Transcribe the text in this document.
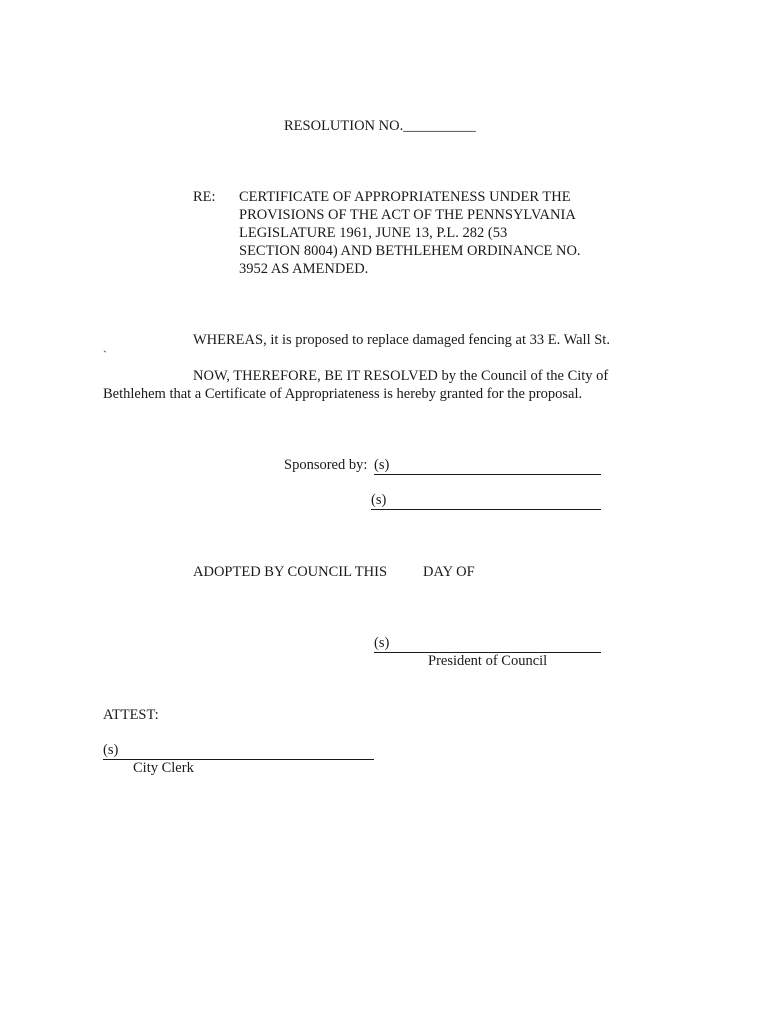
RESOLUTION NO.__________
RE: CERTIFICATE OF APPROPRIATENESS UNDER THE
PROVISIONS OF THE ACT OF THE PENNSYLVANIA
LEGISLATURE 1961, JUNE 13, P.L. 282 (53
SECTION 8004) AND BETHLEHEM ORDINANCE NO.
3952 AS AMENDED.
WHEREAS, it is proposed to replace damaged fencing at 33 E. Wall St.
`
NOW, THEREFORE, BE IT RESOLVED by the Council of the City of
Bethlehem that a Certificate of Appropriateness is hereby granted for the proposal.
Sponsored by: (s)
(s)
ADOPTED BY COUNCIL THIS DAY OF
(s)
President of Council
ATTEST:
(s)
City Clerk
